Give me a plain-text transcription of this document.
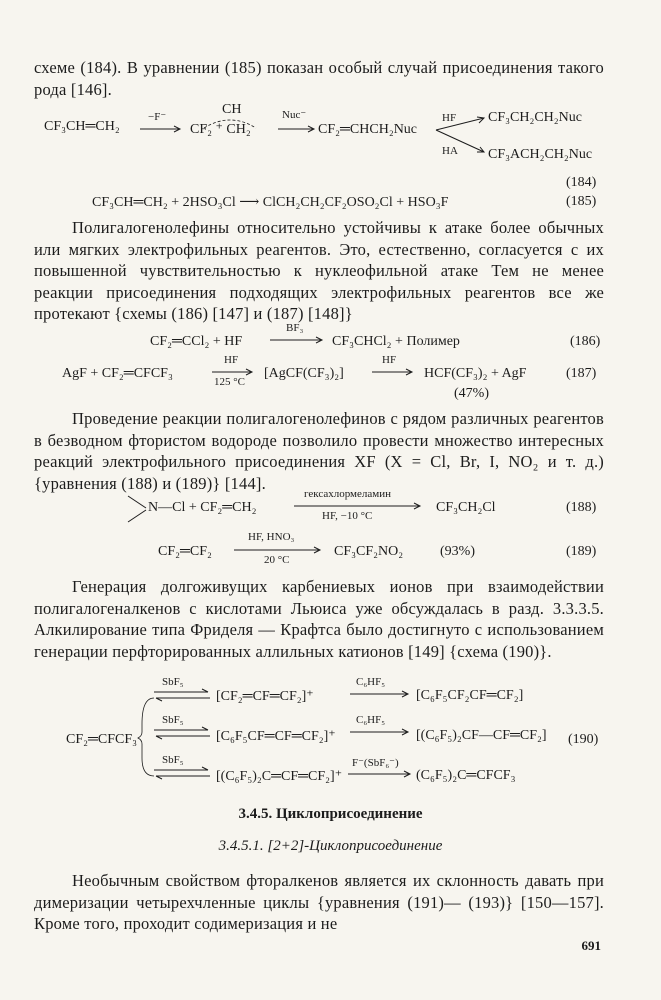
схеме (184). В уравнении (185) показан особый случай присоединения такого рода [146].
CF₃CH═CH₂
−F⁻	CH
CF₂ ⁺ CH₂
Nuc⁻
CF₂═CHCH₂Nuc
HF
HA
CF₃CH₂CH₂Nuc
CF₃ACH₂CH₂Nuc
(184)
CF₃CH═CH₂ + 2HSO₃Cl ⟶ ClCH₂CH₂CF₂OSO₂Cl + HSO₃F	(185)
Полигалогенолефины относительно устойчивы к атаке более обычных или мягких электрофильных реагентов. Это, естественно, согласуется с их повышенной чувствительностью к нуклеофильной атаке Тем не менее реакции присоединения подходящих электрофильных реагентов все же протекают {схемы (186) [147] и (187) [148]}
CF₂═CCl₂ + HF
BF₃
CF₃CHCl₂ + Полимер	(186)
AgF + CF₂═CFCF₃
HF
125 °C
[AgCF(CF₃)₂]
HF
HCF(CF₃)₂ + AgF
(47%)
(187)
Проведение реакции полигалогенолефинов с рядом различных реагентов в безводном фтористом водороде позволило провести множество интересных реакций электрофильного присоединения XF (X = Cl, Br, I, NO₂ и т. д.) {уравнения (188) и (189)} [144].
N—Cl + CF₂═CH₂
гексахлормеламин
HF, −10 °C
CF₃CH₂Cl	(188)
CF₂═CF₂
HF, HNO₃
20 °C
CF₃CF₂NO₂	(93%)	(189)
Генерация долгоживущих карбениевых ионов при взаимодействии полигалогеналкенов с кислотами Льюиса уже обсуждалась в разд. 3.3.3.5. Алкилирование типа Фриделя — Крафтса было достигнуто с использованием генерации перфторированных аллильных катионов [149] {схема (190)}.
CF₂═CFCF₃
SbF₅
[CF₂═CF═CF₂]⁺
C₆HF₅
[C₆F₅CF₂CF═CF₂]
SbF₅
[C₆F₅CF═CF═CF₂]⁺
C₆HF₅
[(C₆F₅)₂CF—CF═CF₂] (190)
SbF₅
[(C₆F₅)₂C═CF═CF₂]⁺
F⁻(SbF₆⁻)
(C₆F₅)₂C═CFCF₃
3.4.5. Циклоприсоединение
3.4.5.1. [2+2]-Циклоприсоединение
Необычным свойством фторалкенов является их склонность давать при димеризации четырехчленные циклы {уравнения (191)— (193)} [150—157]. Кроме того, проходит содимеризация и не
691
